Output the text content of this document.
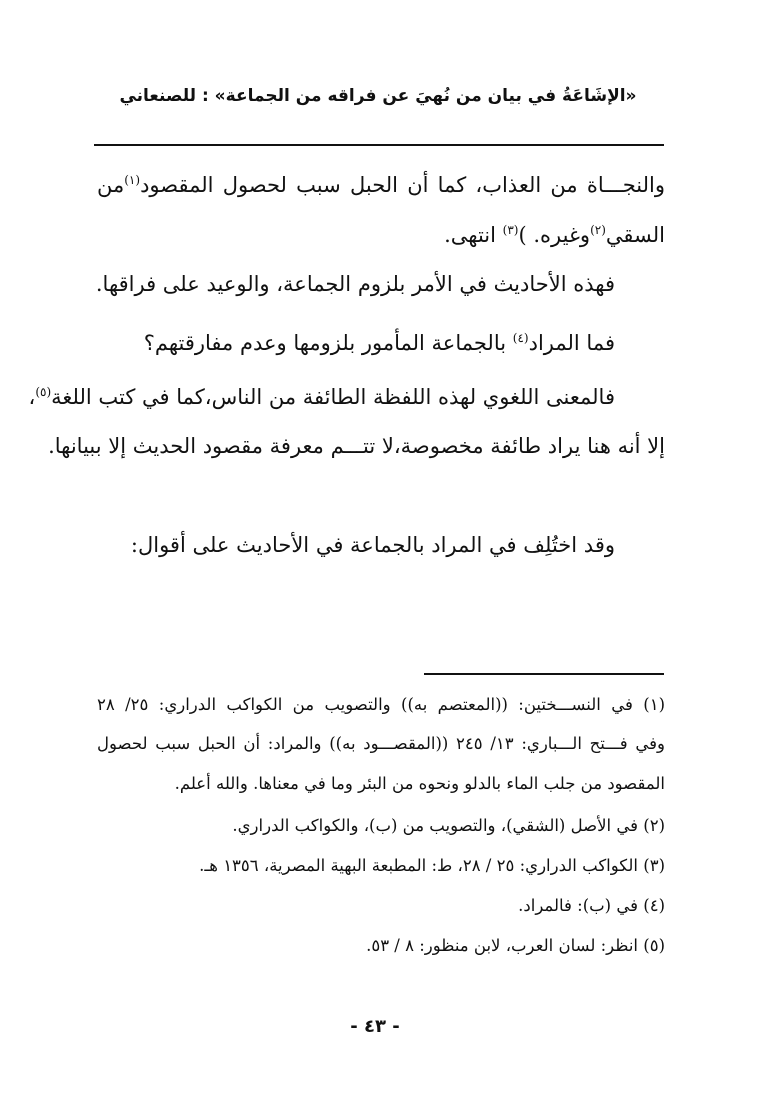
«الإشَاعَةُ في بيان من نُهيَ عن فراقه من الجماعة» : للصنعاني
والنجـــاة من العذاب، كما أن الحبل سبب لحصول المقصود$^{(١)}$من
السقي$^{(٢)}$وغيره. )$^{(٣)}$ انتهى.
فهذه الأحاديث في الأمر بلزوم الجماعة، والوعيد على فراقها.
فما المراد$^{(٤)}$ بالجماعة المأمور بلزومها وعدم مفارقتهم؟
فالمعنى اللغوي لهذه اللفظة الطائفة من الناس،كما في كتب اللغة$^{(٥)}$،
إلا أنه هنا يراد طائفة مخصوصة،لا تتـــم معرفة مقصود الحديث إلا ببيانها.
وقد اختُلِف في المراد بالجماعة في الأحاديث على أقوال:
(١) في النســـختين: ((المعتصم به)) والتصويب من الكواكب الدراري: ٢٥/ ٢٨
وفي فـــتح الـــباري: ١٣/ ٢٤٥ ((المقصـــود به)) والمراد: أن الحبل سبب لحصول
المقصود من جلب الماء بالدلو ونحوه من البئر وما في معناها. والله أعلم.
(٢) في الأصل (الشقي)، والتصويب من (ب)، والكواكب الدراري.
(٣) الكواكب الدراري: ٢٥ / ٢٨، ط: المطبعة البهية المصرية، ١٣٥٦ هـ.
(٤) في (ب): فالمراد.
(٥) انظر: لسان العرب، لابن منظور: ٨ / ٥٣.
- ٤٣ -
